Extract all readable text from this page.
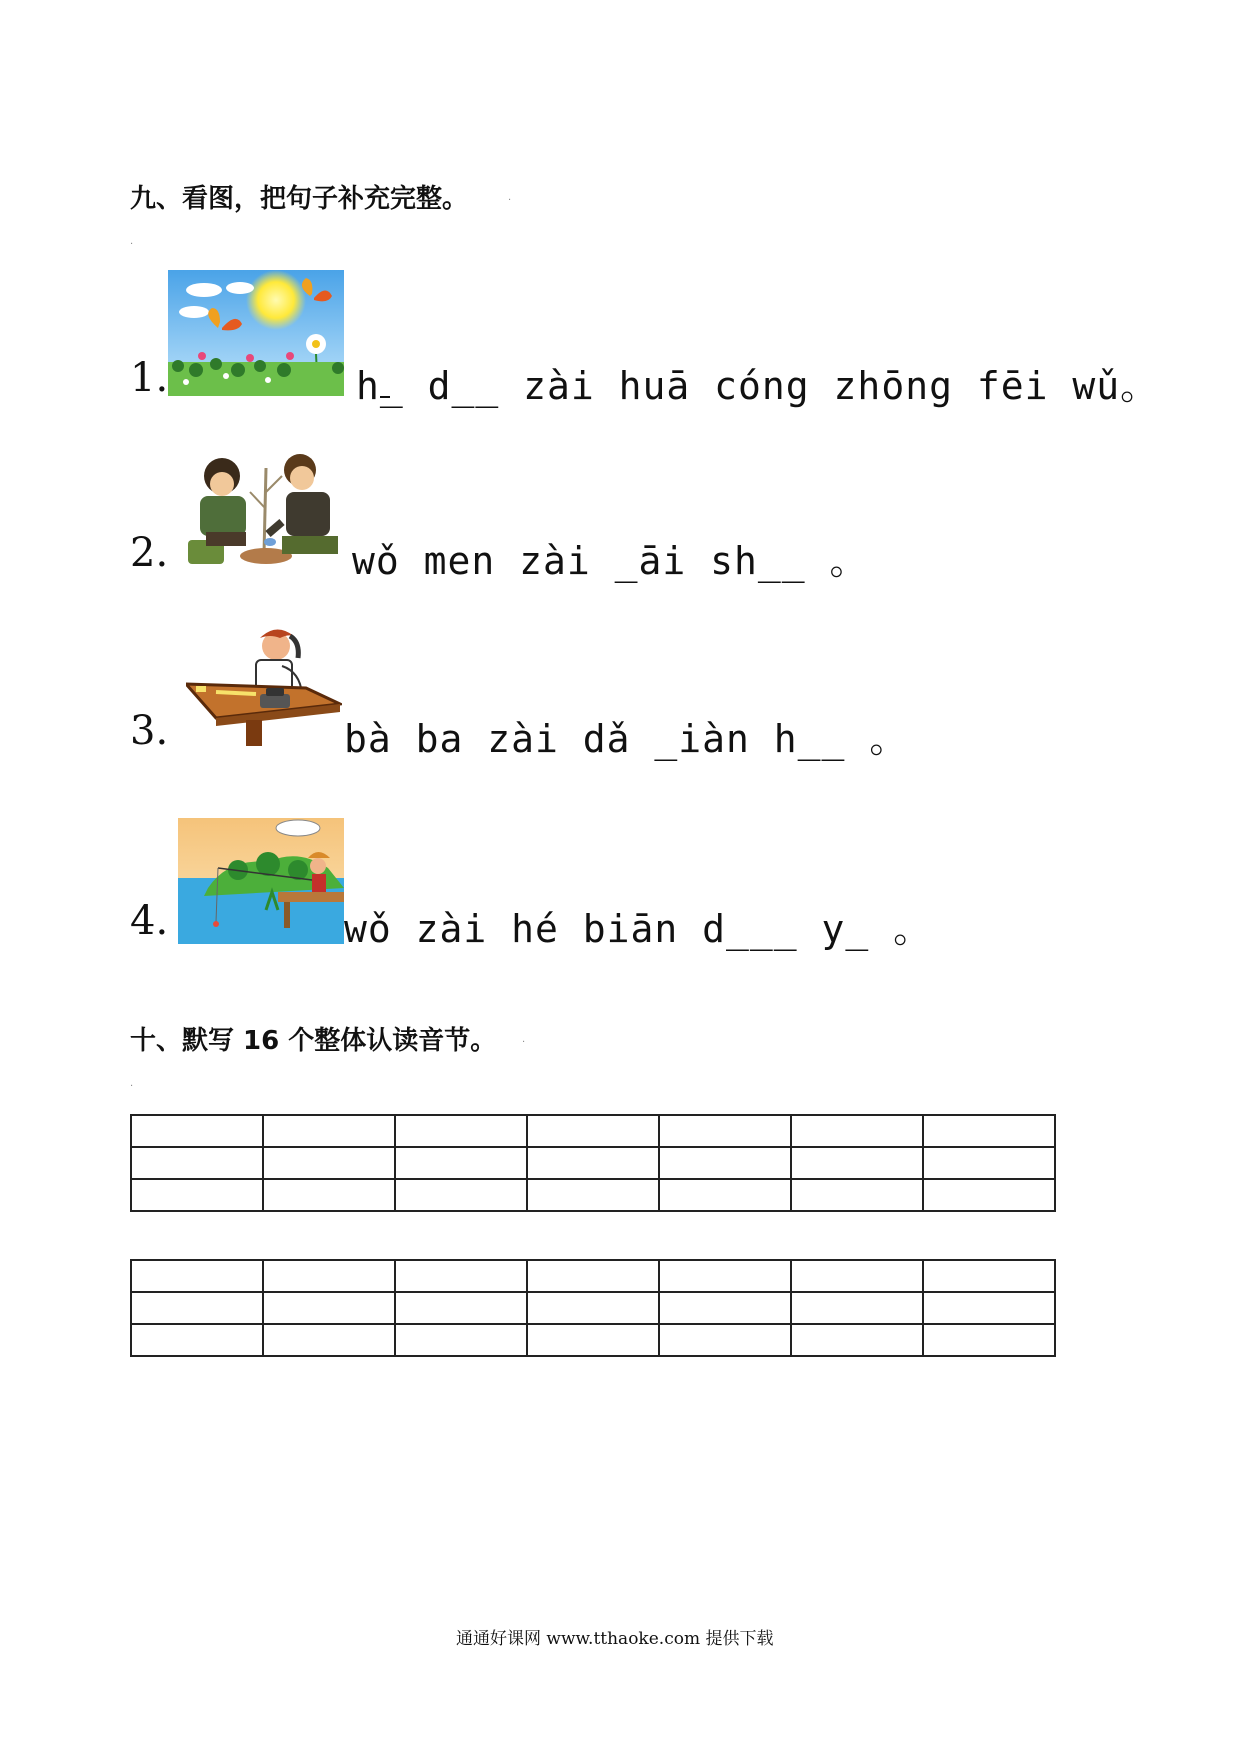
九、看图，把句子补充完整。	.
.
1.	h_ d__ zài huā cóng zhōng fēi wǔ。
2.	wǒ men zài _āi sh__ 。
3.	bà ba zài dǎ _iàn h__ 。
4.	wǒ zài hé biān d___ y_ 。
十、默写 16 个整体认读音节。	.
.

通通好课网 www.tthaoke.com 提供下载
